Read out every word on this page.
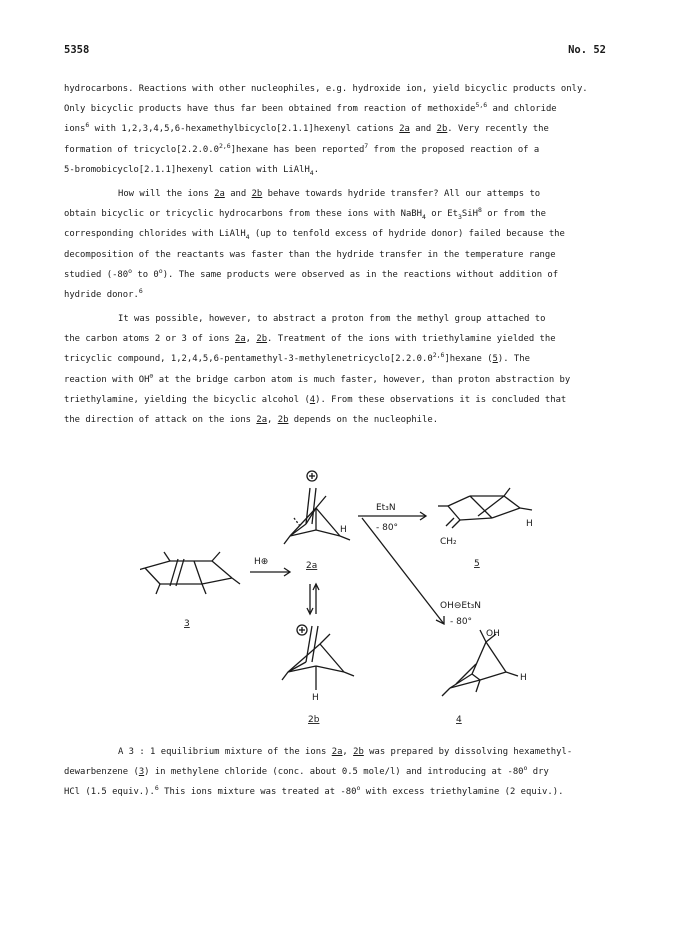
5358	No. 52
hydrocarbons. Reactions with other nucleophiles, e.g. hydroxide ion, yield bicyclic products only.
Only bicyclic products have thus far been obtained from reaction of methoxide$^{5,6}$ and chloride
ions$^6$ with 1,2,3,4,5,6-hexamethylbicyclo[2.1.1]hexenyl cations 2a and 2b. Very recently the
formation of tricyclo[2.2.0.0$^{2,6}$]hexane has been reported$^7$ from the proposed reaction of a
5-bromobicyclo[2.1.1]hexenyl cation with LiAlH$_4$.
How will the ions 2a and 2b behave towards hydride transfer? All our attemps to
obtain bicyclic or tricyclic hydrocarbons from these ions with NaBH$_4$ or $Et_3SiH^8$ or from the
corresponding chlorides with LiAlH$_4$ (up to tenfold excess of hydride donor) failed because the
decomposition of the reactants was faster than the hydride transfer in the temperature range
studied (-80$^o$ to 0$^o$). The same products were observed as in the reactions without addition of
hydride donor.$^6$
It was possible, however, to abstract a proton from the methyl group attached to
the carbon atoms 2 or 3 of ions 2a, 2b. Treatment of the ions with triethylamine yielded the
tricyclic compound, 1,2,4,5,6-pentamethyl-3-methylenetricyclo[2.2.0.0$^{2,6}$]hexane (5). The
reaction with OH⊖ at the bridge carbon atom is much faster, however, than proton abstraction by
triethylamine, yielding the bicyclic alcohol (4). From these observations it is concluded that
the direction of attack on the ions 2a, 2b depends on the nucleophile.
3
H⊕	2a
H
H
2b
Et₃N
- 80°
CH₂
H
5
OH⊖Et₃N
- 80°
OH
H
4
A 3 : 1 equilibrium mixture of the ions 2a, 2b was prepared by dissolving hexamethyl-
dewarbenzene (3) in methylene chloride (conc. about 0.5 mole/l) and introducing at -80$^o$ dry
HCl (1.5 equiv.).$^6$ This ions mixture was treated at -80$^o$ with excess triethylamine (2 equiv.).
